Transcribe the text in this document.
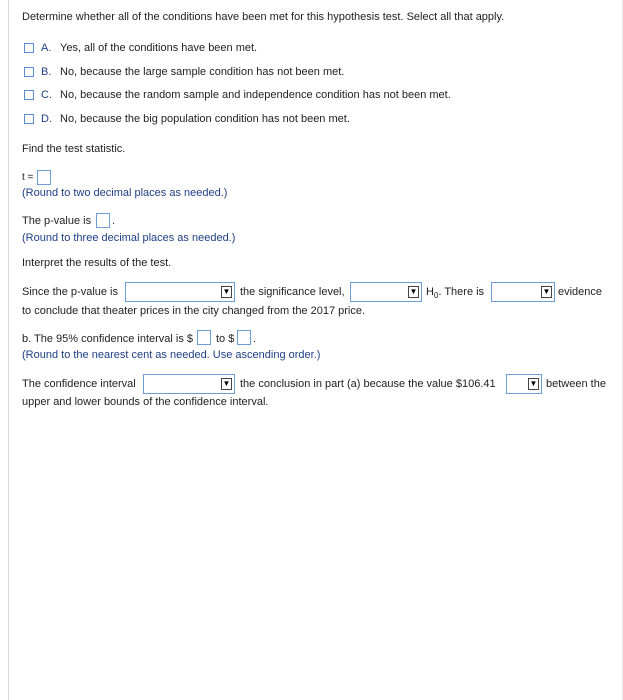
Determine whether all of the conditions have been met for this hypothesis test. Select all that apply.
A. Yes, all of the conditions have been met.
B. No, because the large sample condition has not been met.
C. No, because the random sample and independence condition has not been met.
D. No, because the big population condition has not been met.
Find the test statistic.
t =
(Round to two decimal places as needed.)
The p-value is .
(Round to three decimal places as needed.)
Interpret the results of the test.
Since the p-value is	▼ the significance level,	▼ $H_0$. There is	▼ evidence
to conclude that theater prices in the city changed from the 2017 price.
b. The 95% confidence interval is $ to $ .
(Round to the nearest cent as needed. Use ascending order.)
The confidence interval	▼ the conclusion in part (a) because the value $106.41	▼ between the
upper and lower bounds of the confidence interval.
